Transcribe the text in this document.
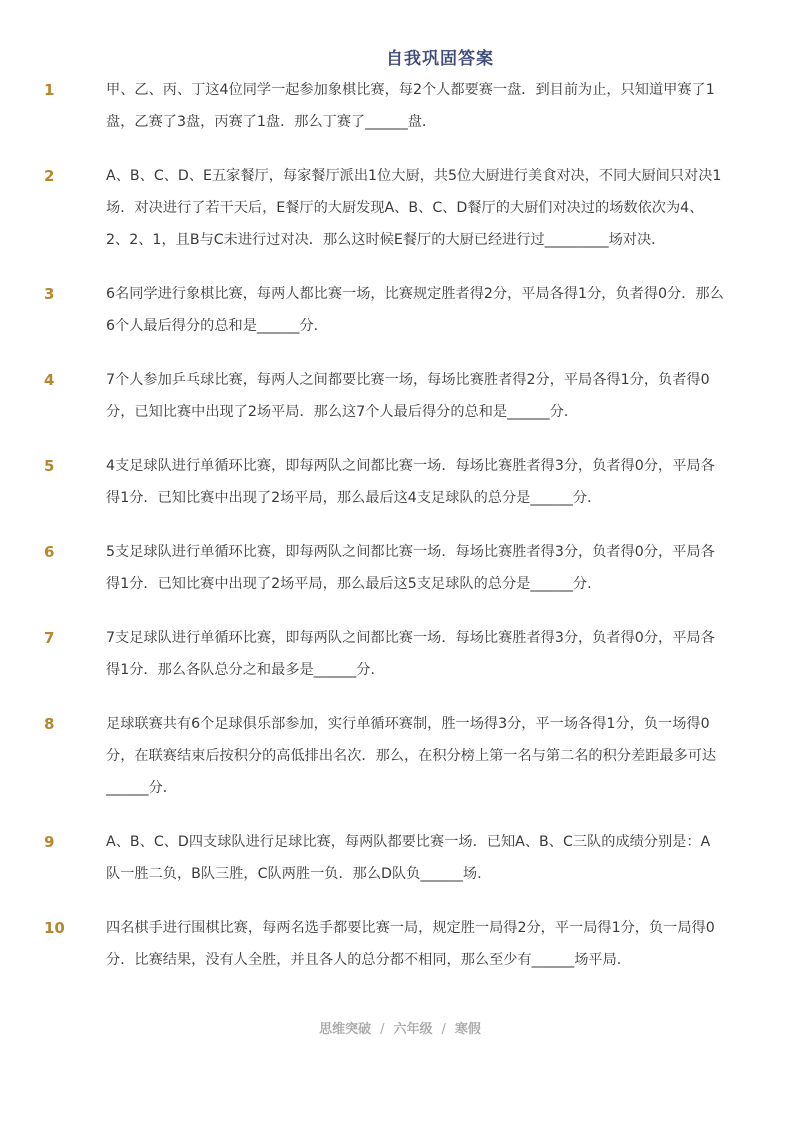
自我巩固答案
1	甲、乙、丙、丁这4位同学一起参加象棋比赛，每2个人都要赛一盘．到目前为止，只知道甲赛了1盘，乙赛了3盘，丙赛了1盘．那么丁赛了______盘．
2	A、B、C、D、E五家餐厅，每家餐厅派出1位大厨，共5位大厨进行美食对决，不同大厨间只对决1场．对决进行了若干天后，E餐厅的大厨发现A、B、C、D餐厅的大厨们对决过的场数依次为4、2、2、1，且B与C未进行过对决．那么这时候E餐厅的大厨已经进行过_________场对决．
3	6名同学进行象棋比赛，每两人都比赛一场，比赛规定胜者得2分，平局各得1分，负者得0分．那么6个人最后得分的总和是______分．
4	7个人参加乒乓球比赛，每两人之间都要比赛一场，每场比赛胜者得2分，平局各得1分，负者得0分，已知比赛中出现了2场平局．那么这7个人最后得分的总和是______分．
5	4支足球队进行单循环比赛，即每两队之间都比赛一场．每场比赛胜者得3分，负者得0分，平局各得1分．已知比赛中出现了2场平局，那么最后这4支足球队的总分是______分．
6	5支足球队进行单循环比赛，即每两队之间都比赛一场．每场比赛胜者得3分，负者得0分，平局各得1分．已知比赛中出现了2场平局，那么最后这5支足球队的总分是______分.
7	7支足球队进行单循环比赛，即每两队之间都比赛一场．每场比赛胜者得3分，负者得0分，平局各得1分．那么各队总分之和最多是______分.
8	足球联赛共有6个足球俱乐部参加，实行单循环赛制，胜一场得3分，平一场各得1分，负一场得0分，在联赛结束后按积分的高低排出名次．那么，在积分榜上第一名与第二名的积分差距最多可达______分．
9	A、B、C、D四支球队进行足球比赛，每两队都要比赛一场．已知A、B、C三队的成绩分别是：A队一胜二负，B队三胜，C队两胜一负．那么D队负______场.
10	四名棋手进行围棋比赛，每两名选手都要比赛一局，规定胜一局得2分，平一局得1分，负一局得0分．比赛结果，没有人全胜，并且各人的总分都不相同，那么至少有______场平局.
思维突破 / 六年级 / 寒假
